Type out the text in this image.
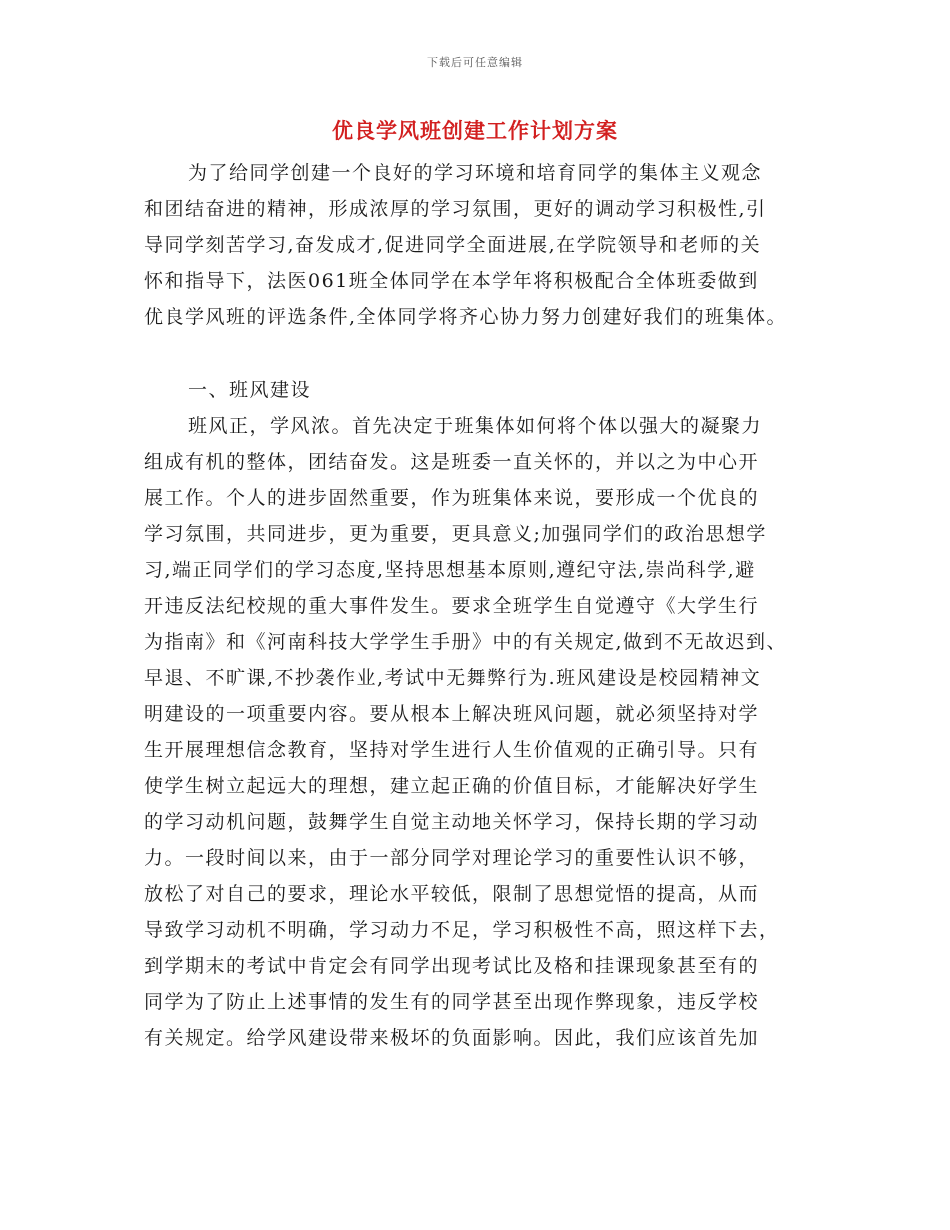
下载后可任意编辑
优良学风班创建工作计划方案
为了给同学创建一个良好的学习环境和培育同学的集体主义观念
和团结奋进的精神，形成浓厚的学习氛围，更好的调动学习积极性,引
导同学刻苦学习,奋发成才,促进同学全面进展,在学院领导和老师的关
怀和指导下，法医061班全体同学在本学年将积极配合全体班委做到
优良学风班的评选条件,全体同学将齐心协力努力创建好我们的班集体。
一、班风建设
班风正，学风浓。首先决定于班集体如何将个体以强大的凝聚力
组成有机的整体，团结奋发。这是班委一直关怀的，并以之为中心开
展工作。个人的进步固然重要，作为班集体来说，要形成一个优良的
学习氛围，共同进步，更为重要，更具意义;加强同学们的政治思想学
习,端正同学们的学习态度,坚持思想基本原则,遵纪守法,崇尚科学,避
开违反法纪校规的重大事件发生。要求全班学生自觉遵守《大学生行
为指南》和《河南科技大学学生手册》中的有关规定,做到不无故迟到、
早退、不旷课,不抄袭作业,考试中无舞弊行为.班风建设是校园精神文
明建设的一项重要内容。要从根本上解决班风问题，就必须坚持对学
生开展理想信念教育，坚持对学生进行人生价值观的正确引导。只有
使学生树立起远大的理想，建立起正确的价值目标，才能解决好学生
的学习动机问题，鼓舞学生自觉主动地关怀学习，保持长期的学习动
力。一段时间以来，由于一部分同学对理论学习的重要性认识不够，
放松了对自己的要求，理论水平较低，限制了思想觉悟的提高，从而
导致学习动机不明确，学习动力不足，学习积极性不高，照这样下去，
到学期末的考试中肯定会有同学出现考试比及格和挂课现象甚至有的
同学为了防止上述事情的发生有的同学甚至出现作弊现象，违反学校
有关规定。给学风建设带来极坏的负面影响。因此，我们应该首先加
